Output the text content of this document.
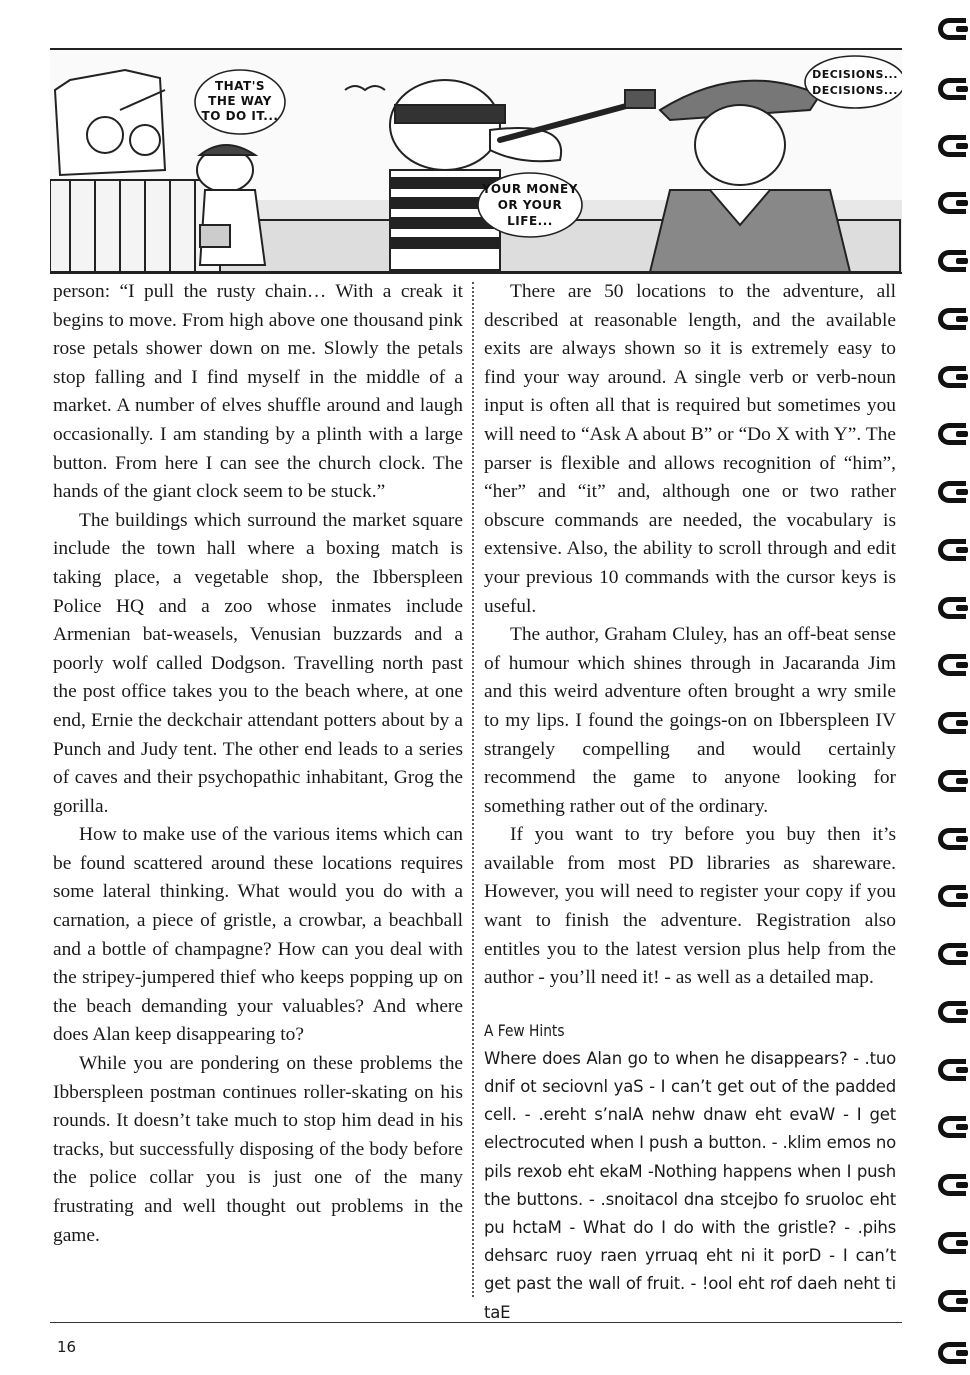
THAT'S
THE WAY
TO DO IT...
YOUR MONEY
OR YOUR
LIFE...
DECISIONS...
DECISIONS...

person: “I pull the rusty chain… With a creak it begins to move. From high above one thousand pink rose petals shower down on me. Slowly the petals stop falling and I find myself in the middle of a market. A number of elves shuffle around and laugh occasionally. I am standing by a plinth with a large button. From here I can see the church clock. The hands of the giant clock seem to be stuck.”

The buildings which surround the market square include the town hall where a boxing match is taking place, a vegetable shop, the Ibberspleen Police HQ and a zoo whose inmates include Armenian bat-weasels, Venusian buzzards and a poorly wolf called Dodgson. Travelling north past the post office takes you to the beach where, at one end, Ernie the deckchair attendant potters about by a Punch and Judy tent. The other end leads to a series of caves and their psychopathic inhabitant, Grog the gorilla.

How to make use of the various items which can be found scattered around these locations requires some lateral thinking. What would you do with a carnation, a piece of gristle, a crowbar, a beachball and a bottle of champagne? How can you deal with the stripey-jumpered thief who keeps popping up on the beach demanding your valuables? And where does Alan keep disappearing to?

While you are pondering on these problems the Ibberspleen postman continues roller-skating on his rounds. It doesn’t take much to stop him dead in his tracks, but successfully disposing of the body before the police collar you is just one of the many frustrating and well thought out problems in the game.

There are 50 locations to the adventure, all described at reasonable length, and the available exits are always shown so it is extremely easy to find your way around. A single verb or verb-noun input is often all that is required but sometimes you will need to “Ask A about B” or “Do X with Y”. The parser is flexible and allows recognition of “him”, “her” and “it” and, although one or two rather obscure commands are needed, the vocabulary is extensive. Also, the ability to scroll through and edit your previous 10 commands with the cursor keys is useful.

The author, Graham Cluley, has an off-beat sense of humour which shines through in Jacaranda Jim and this weird adventure often brought a wry smile to my lips. I found the goings-on on Ibberspleen IV strangely compelling and would certainly recommend the game to anyone looking for something rather out of the ordinary.

If you want to try before you buy then it’s available from most PD libraries as shareware. However, you will need to register your copy if you want to finish the adventure. Registration also entitles you to the latest version plus help from the author - you’ll need it! - as well as a detailed map.

A Few Hints
Where does Alan go to when he disappears? - .tuo dnif ot seciovnl yaS - I can’t get out of the padded cell. - .ereht s’nalA nehw dnaw eht evaW - I get electrocuted when I push a button. - .klim emos no pils rexob eht ekaM -Nothing happens when I push the buttons. - .snoitacol dna stcejbo fo sruoloc eht pu hctaM - What do I do with the gristle? - .pihs dehsarc ruoy raen yrruaq eht ni it porD - I can’t get past the wall of fruit. - !ool eht rof daeh neht ti taE
16
